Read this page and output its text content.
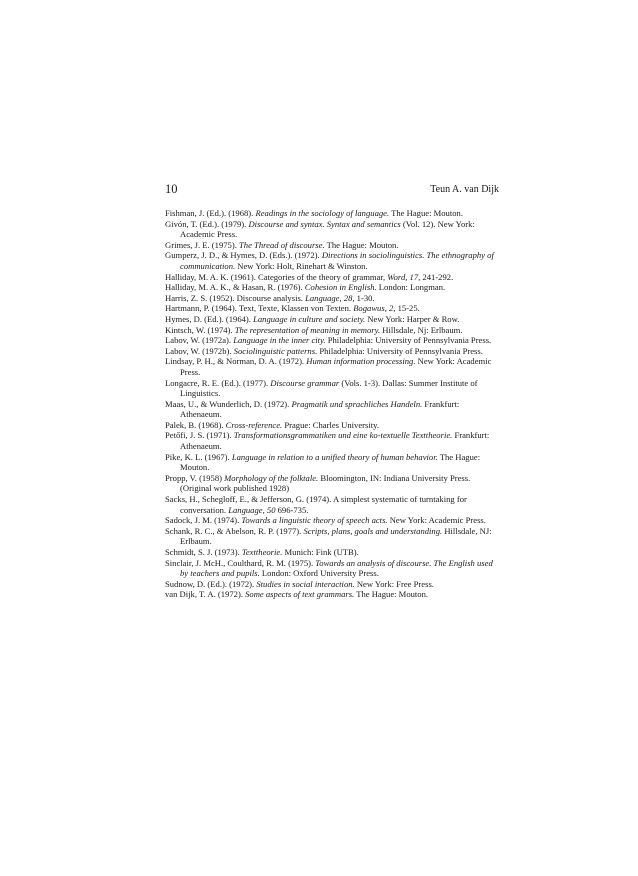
10	Teun A. van Dijk
Fishman, J. (Ed.). (1968). Readings in the sociology of language. The Hague: Mouton.
Givón, T. (Ed.). (1979). Discourse and syntax. Syntax and semantics (Vol. 12). New York: Academic Press.
Grimes, J. E. (1975). The Thread of discourse. The Hague: Mouton.
Gumperz, J. D., & Hymes, D. (Eds.). (1972). Directions in sociolinguistics. The ethnography of communication. New York: Holt, Rinehart & Winston.
Halliday, M. A. K. (1961). Categories of the theory of grammar, Word, 17, 241-292.
Halliday, M. A. K., & Hasan, R. (1976). Cohesion in English. London: Longman.
Harris, Z. S. (1952). Discourse analysis. Language, 28, 1-30.
Hartmann, P. (1964). Text, Texte, Klassen von Texten. Bogawus, 2, 15-25.
Hymes, D. (Ed.). (1964). Language in culture and society. New York: Harper & Row.
Kintsch, W. (1974). The representation of meaning in memory. Hillsdale, Nj: Erlbaum.
Labov, W. (1972a). Language in the inner city. Philadelphia: University of Pennsylvania Press.
Labov, W. (1972b). Sociolinguistic patterns. Philadelphia: University of Pennsylvania Press.
Lindsay, P. H., & Norman, D. A. (1972). Human information processing. New York: Academic Press.
Longacre, R. E. (Ed.). (1977). Discourse grammar (Vols. 1-3). Dallas: Summer Institute of Linguistics.
Maas, U., & Wunderlich, D. (1972). Pragmatik und sprachliches Handeln. Frankfurt: Athenaeum.
Palek, B. (1968). Cross-reference. Prague: Charles University.
Petőfi, J. S. (1971). Transformationsgrammatiken und eine ko-textuelle Texttheorie. Frankfurt: Athenaeum.
Pike, K. L. (1967). Language in relation to a unified theory of human behavior. The Hague: Mouton.
Propp, V. (1958) Morphology of the folktale. Bloomington, IN: Indiana University Press. (Original work published 1928)
Sacks, H., Schegloff, E., & Jefferson, G. (1974). A simplest systematic of turntaking for conversation. Language, 50 696-735.
Sadock, J. M. (1974). Towards a linguistic theory of speech acts. New York: Academic Press.
Schank, R. C., & Abelson, R. P. (1977). Scripts, plans, goals and understanding. Hillsdale, NJ: Erlbaum.
Schmidt, S. J. (1973). Texttheorie. Munich: Fink (UTB).
Sinclair, J. McH., Coulthard, R. M. (1975). Towards an analysis of discourse. The English used by teachers and pupils. London: Oxford University Press.
Sudnow, D. (Ed.). (1972). Studies in social interaction. New York: Free Press.
van Dijk, T. A. (1972). Some aspects of text grammars. The Hague: Mouton.
